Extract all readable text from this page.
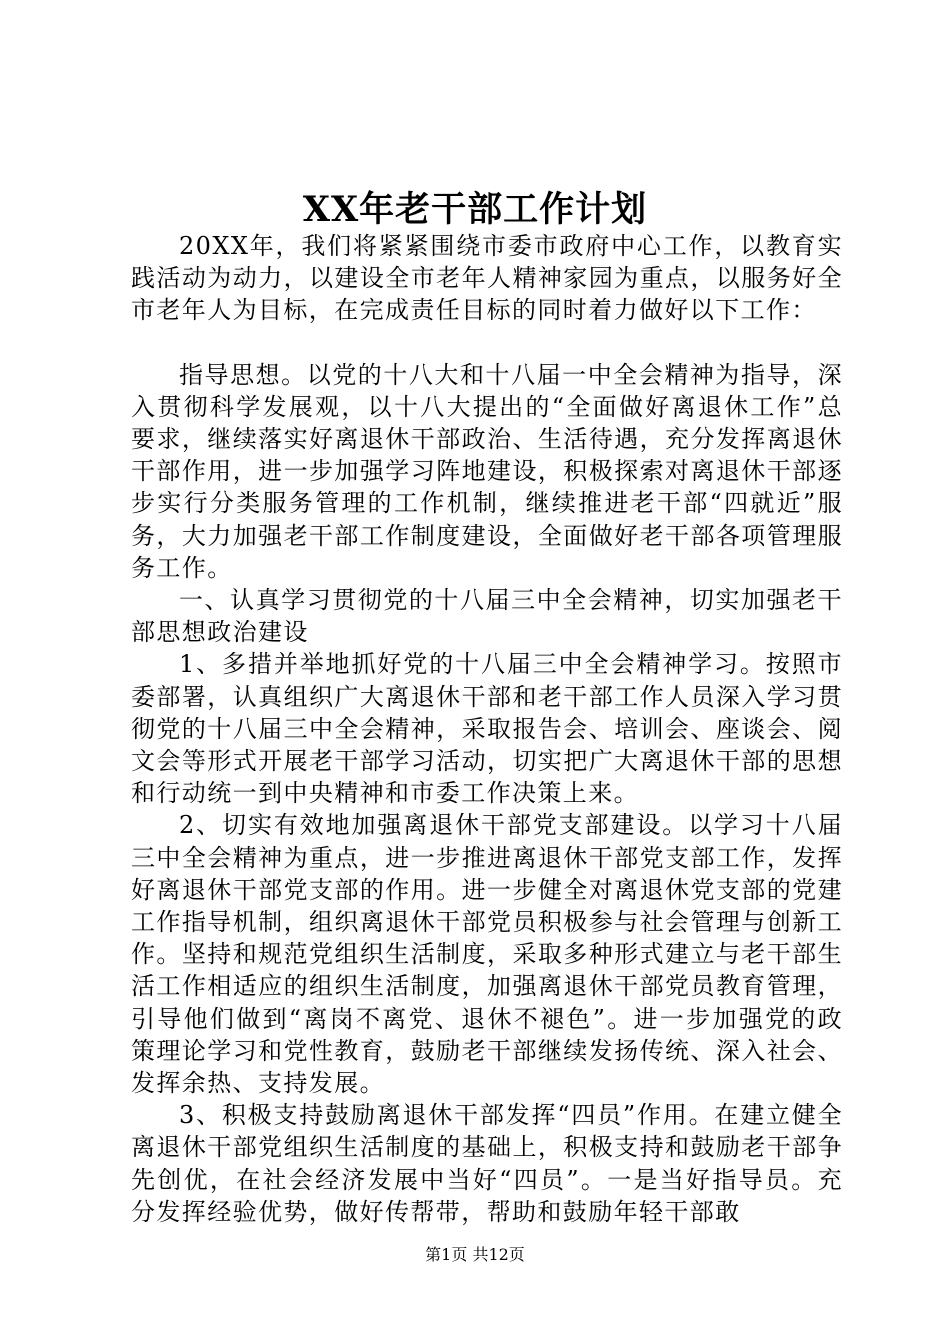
XX年老干部工作计划

20XX年，我们将紧紧围绕市委市政府中心工作，以教育实践活动为动力，以建设全市老年人精神家园为重点，以服务好全市老年人为目标，在完成责任目标的同时着力做好以下工作：

指导思想。以党的十八大和十八届一中全会精神为指导，深入贯彻科学发展观，以十八大提出的“全面做好离退休工作”总要求，继续落实好离退休干部政治、生活待遇，充分发挥离退休干部作用，进一步加强学习阵地建设，积极探索对离退休干部逐步实行分类服务管理的工作机制，继续推进老干部“四就近”服务，大力加强老干部工作制度建设，全面做好老干部各项管理服务工作。

一、认真学习贯彻党的十八届三中全会精神，切实加强老干部思想政治建设

1、多措并举地抓好党的十八届三中全会精神学习。按照市委部署，认真组织广大离退休干部和老干部工作人员深入学习贯彻党的十八届三中全会精神，采取报告会、培训会、座谈会、阅文会等形式开展老干部学习活动，切实把广大离退休干部的思想和行动统一到中央精神和市委工作决策上来。

2、切实有效地加强离退休干部党支部建设。以学习十八届三中全会精神为重点，进一步推进离退休干部党支部工作，发挥好离退休干部党支部的作用。进一步健全对离退休党支部的党建工作指导机制，组织离退休干部党员积极参与社会管理与创新工作。坚持和规范党组织生活制度，采取多种形式建立与老干部生活工作相适应的组织生活制度，加强离退休干部党员教育管理，引导他们做到“离岗不离党、退休不褪色”。进一步加强党的政策理论学习和党性教育，鼓励老干部继续发扬传统、深入社会、发挥余热、支持发展。

3、积极支持鼓励离退休干部发挥“四员”作用。在建立健全离退休干部党组织生活制度的基础上，积极支持和鼓励老干部争先创优，在社会经济发展中当好“四员”。一是当好指导员。充分发挥经验优势，做好传帮带，帮助和鼓励年轻干部敢

第1页 共12页
